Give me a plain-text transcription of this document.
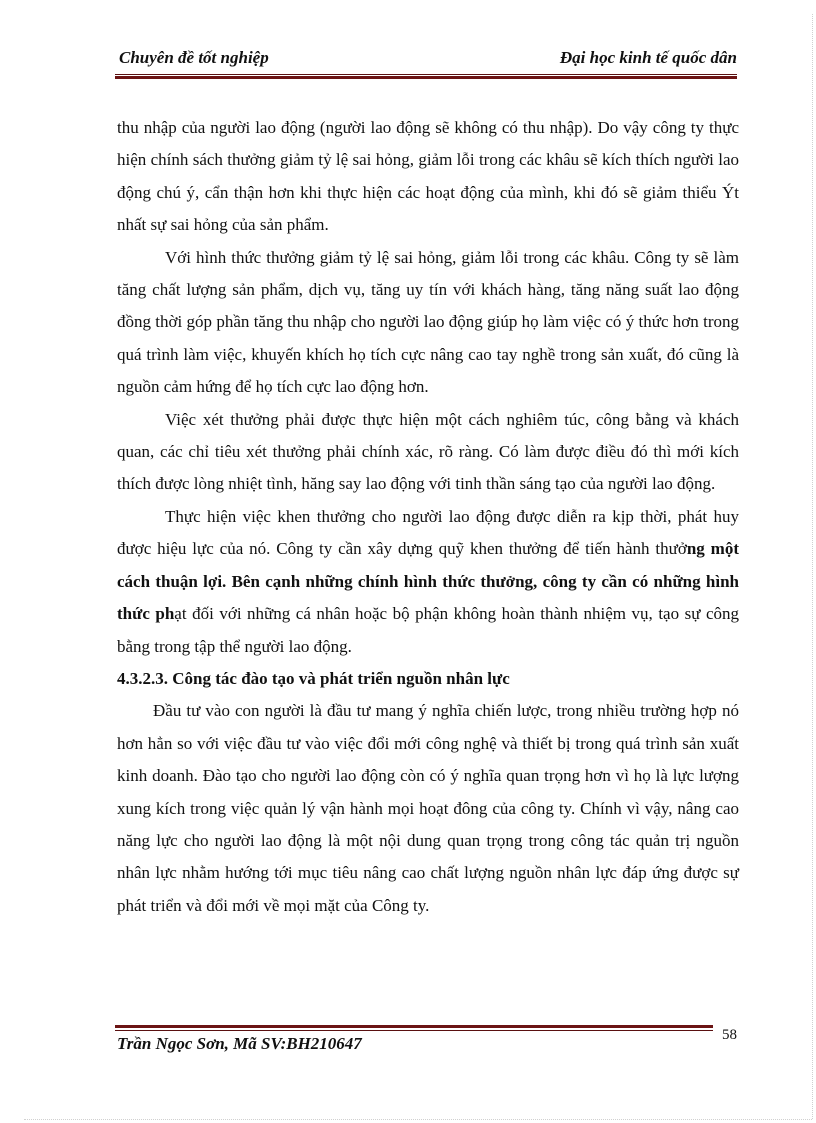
Chuyên đề tốt nghiệp	Đại học kinh tế quốc dân

thu nhập của người lao động (người lao động sẽ không có thu nhập). Do vậy công ty thực hiện chính sách thưởng giảm tỷ lệ sai hỏng, giảm lỗi trong các khâu sẽ kích thích người lao động chú ý, cẩn thận hơn khi thực hiện các hoạt động của mình, khi đó sẽ giảm thiểu Ýt nhất sự sai hỏng của sản phẩm.

Với hình thức thưởng giảm tỷ lệ sai hỏng, giảm lỗi trong các khâu. Công ty sẽ làm tăng chất lượng sản phẩm, dịch vụ, tăng uy tín với khách hàng, tăng năng suất lao động đồng thời góp phần tăng thu nhập cho người lao động giúp họ làm việc có ý thức hơn trong quá trình làm việc, khuyến khích họ tích cực nâng cao tay nghề trong sản xuất, đó cũng là nguồn cảm hứng để họ tích cực lao động hơn.

Việc xét thưởng phải được thực hiện một cách nghiêm túc, công bằng và khách quan, các chỉ tiêu xét thưởng phải chính xác, rõ ràng. Có làm được điều đó thì mới kích thích được lòng nhiệt tình, hăng say lao động với tinh thần sáng tạo của người lao động.

Thực hiện việc khen thưởng cho người lao động được diễn ra kịp thời, phát huy được hiệu lực của nó. Công ty cần xây dựng quỹ khen thưởng để tiến hành thưởng một cách thuận lợi. Bên cạnh những chính hình thức thưởng, công ty cần có những hình thức phạt đối với những cá nhân hoặc bộ phận không hoàn thành nhiệm vụ, tạo sự công bằng trong tập thể người lao động.

4.3.2.3. Công tác đào tạo và phát triển nguồn nhân lực

Đầu tư vào con người là đầu tư mang ý nghĩa chiến lược, trong nhiều trường hợp nó hơn hẳn so với việc đầu tư vào việc đổi mới công nghệ và thiết bị trong quá trình sản xuất kinh doanh. Đào tạo cho người lao động còn có ý nghĩa quan trọng hơn vì họ là lực lượng xung kích trong việc quản lý vận hành mọi hoạt đông của công ty. Chính vì vậy, nâng cao năng lực cho người lao động là một nội dung quan trọng trong công tác quản trị nguồn nhân lực nhằm hướng tới mục tiêu nâng cao chất lượng nguồn nhân lực đáp ứng được sự phát triển và đổi mới về mọi mặt của Công ty.

58
Trần Ngọc Sơn, Mã SV:BH210647
